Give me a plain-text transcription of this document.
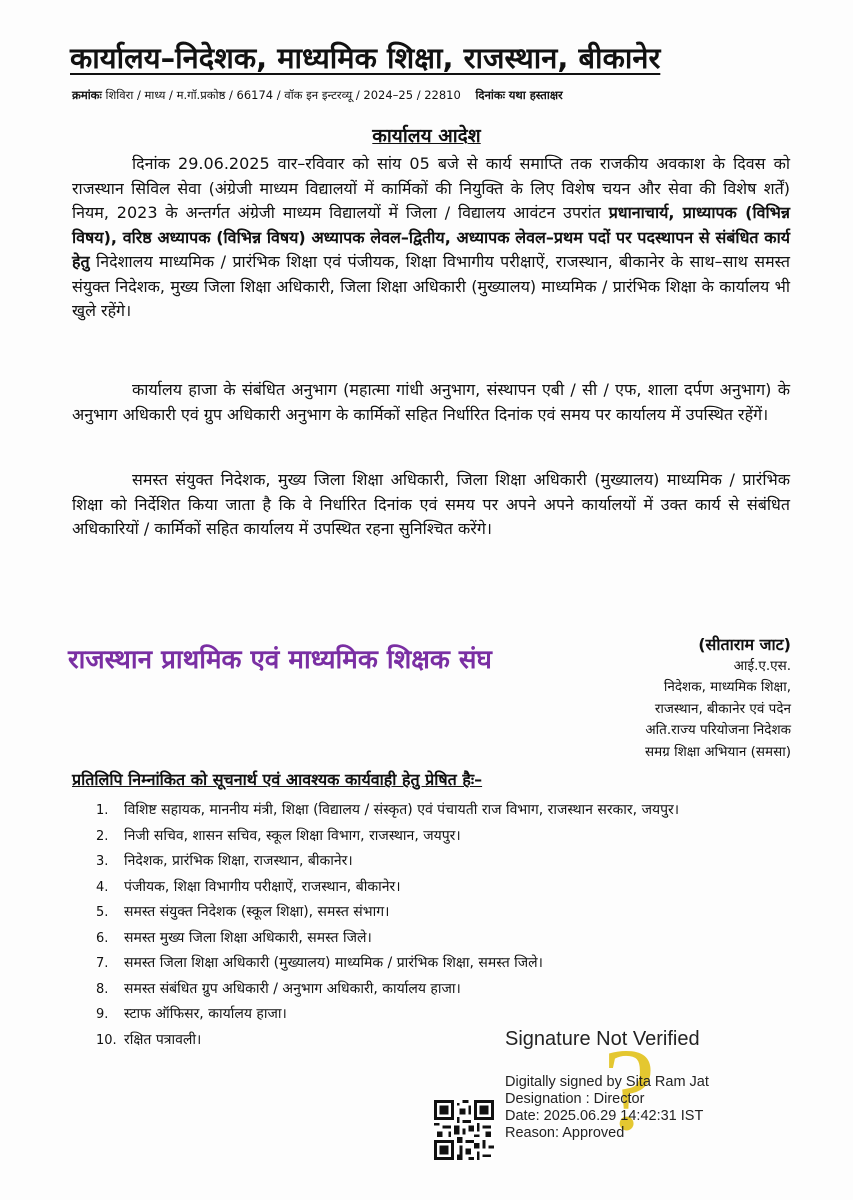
कार्यालय–निदेशक, माध्यमिक शिक्षा, राजस्थान, बीकानेर
क्रमांकः शिविरा / माध्य / म.गॉ.प्रकोष्ठ / 66174 / वॉक इन इन्टरव्यू / 2024–25 / 22810 दिनांकः यथा हस्ताक्षर
कार्यालय आदेश

दिनांक 29.06.2025 वार–रविवार को सांय 05 बजे से कार्य समाप्ति तक राजकीय अवकाश के दिवस को राजस्थान सिविल सेवा (अंग्रेजी माध्यम विद्यालयों में कार्मिकों की नियुक्ति के लिए विशेष चयन और सेवा की विशेष शर्तें) नियम, 2023 के अन्तर्गत अंग्रेजी माध्यम विद्यालयों में जिला / विद्यालय आवंटन उपरांत प्रधानाचार्य, प्राध्यापक (विभिन्न विषय), वरिष्ठ अध्यापक (विभिन्न विषय) अध्यापक लेवल–द्वितीय, अध्यापक लेवल–प्रथम पदों पर पदस्थापन से संबंधित कार्य हेतु निदेशालय माध्यमिक / प्रारंभिक शिक्षा एवं पंजीयक, शिक्षा विभागीय परीक्षाऐं, राजस्थान, बीकानेर के साथ–साथ समस्त संयुक्त निदेशक, मुख्य जिला शिक्षा अधिकारी, जिला शिक्षा अधिकारी (मुख्यालय) माध्यमिक / प्रारंभिक शिक्षा के कार्यालय भी खुले रहेंगे।

कार्यालय हाजा के संबंधित अनुभाग (महात्मा गांधी अनुभाग, संस्थापन एबी / सी / एफ, शाला दर्पण अनुभाग) के अनुभाग अधिकारी एवं ग्रुप अधिकारी अनुभाग के कार्मिकों सहित निर्धारित दिनांक एवं समय पर कार्यालय में उपस्थित रहेंगें।

समस्त संयुक्त निदेशक, मुख्य जिला शिक्षा अधिकारी, जिला शिक्षा अधिकारी (मुख्यालय) माध्यमिक / प्रारंभिक शिक्षा को निर्देशित किया जाता है कि वे निर्धारित दिनांक एवं समय पर अपने अपने कार्यालयों में उक्त कार्य से संबंधित अधिकारियों / कार्मिकों सहित कार्यालय में उपस्थित रहना सुनिश्चित करेंगे।

राजस्थान प्राथमिक एवं माध्यमिक शिक्षक संघ
(सीताराम जाट)
आई.ए.एस.
निदेशक, माध्यमिक शिक्षा,
राजस्थान, बीकानेर एवं पदेन
अति.राज्य परियोजना निदेशक
समग्र शिक्षा अभियान (समसा)
प्रतिलिपि निम्नांकित को सूचनार्थ एवं आवश्यक कार्यवाही हेतु प्रेषित हैः–
1.	विशिष्ट सहायक, माननीय मंत्री, शिक्षा (विद्यालय / संस्कृत) एवं पंचायती राज विभाग, राजस्थान सरकार, जयपुर।
2.	निजी सचिव, शासन सचिव, स्कूल शिक्षा विभाग, राजस्थान, जयपुर।
3.	निदेशक, प्रारंभिक शिक्षा, राजस्थान, बीकानेर।
4.	पंजीयक, शिक्षा विभागीय परीक्षाऐं, राजस्थान, बीकानेर।
5.	समस्त संयुक्त निदेशक (स्कूल शिक्षा), समस्त संभाग।
6.	समस्त मुख्य जिला शिक्षा अधिकारी, समस्त जिले।
7.	समस्त जिला शिक्षा अधिकारी (मुख्यालय) माध्यमिक / प्रारंभिक शिक्षा, समस्त जिले।
8.	समस्त संबंधित ग्रुप अधिकारी / अनुभाग अधिकारी, कार्यालय हाजा।
9.	स्टाफ ऑफिसर, कार्यालय हाजा।
10. रक्षित पत्रावली।	?
Signature Not Verified
Digitally signed by Sita Ram Jat
Designation : Director
Date: 2025.06.29 14:42:31 IST
Reason: Approved
